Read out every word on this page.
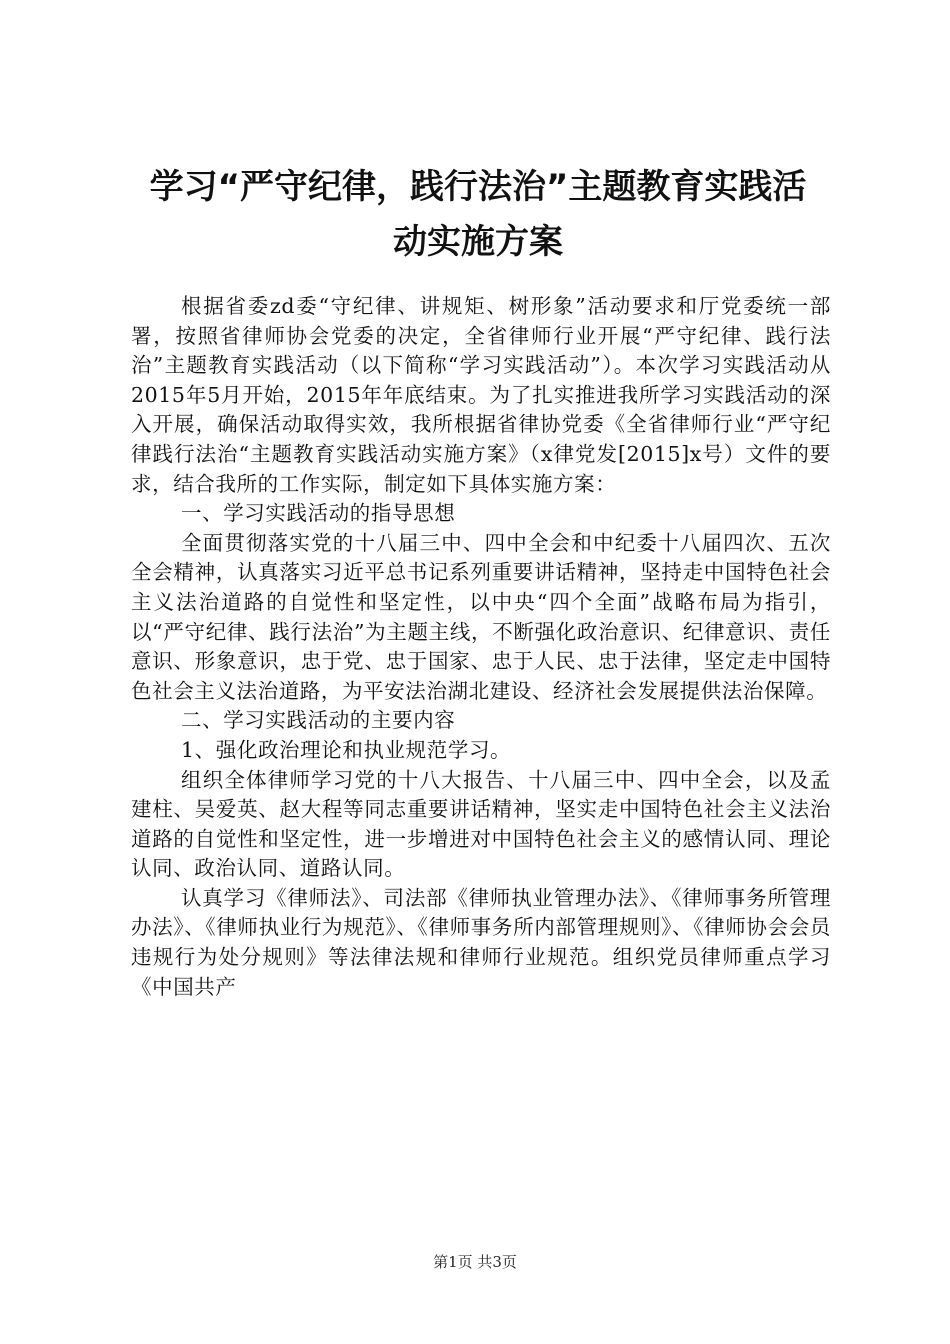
学习“严守纪律，践行法治”主题教育实践活
动实施方案

根据省委zd委“守纪律、讲规矩、树形象”活动要求和厅党委统一部署，按照省律师协会党委的决定，全省律师行业开展“严守纪律、践行法治”主题教育实践活动（以下简称“学习实践活动”）。本次学习实践活动从2015年5月开始，2015年年底结束。为了扎实推进我所学习实践活动的深入开展，确保活动取得实效，我所根据省律协党委《全省律师行业“严守纪律践行法治“主题教育实践活动实施方案》（x律党发[2015]x号）文件的要求，结合我所的工作实际，制定如下具体实施方案：

一、学习实践活动的指导思想

全面贯彻落实党的十八届三中、四中全会和中纪委十八届四次、五次全会精神，认真落实习近平总书记系列重要讲话精神，坚持走中国特色社会主义法治道路的自觉性和坚定性，以中央“四个全面”战略布局为指引，以“严守纪律、践行法治”为主题主线，不断强化政治意识、纪律意识、责任意识、形象意识，忠于党、忠于国家、忠于人民、忠于法律，坚定走中国特色社会主义法治道路，为平安法治湖北建设、经济社会发展提供法治保障。

二、学习实践活动的主要内容

1、强化政治理论和执业规范学习。

组织全体律师学习党的十八大报告、十八届三中、四中全会，以及孟建柱、吴爱英、赵大程等同志重要讲话精神，坚实走中国特色社会主义法治道路的自觉性和坚定性，进一步增进对中国特色社会主义的感情认同、理论认同、政治认同、道路认同。

认真学习《律师法》、司法部《律师执业管理办法》、《律师事务所管理办法》、《律师执业行为规范》、《律师事务所内部管理规则》、《律师协会会员违规行为处分规则》等法律法规和律师行业规范。组织党员律师重点学习《中国共产

第1页 共3页
